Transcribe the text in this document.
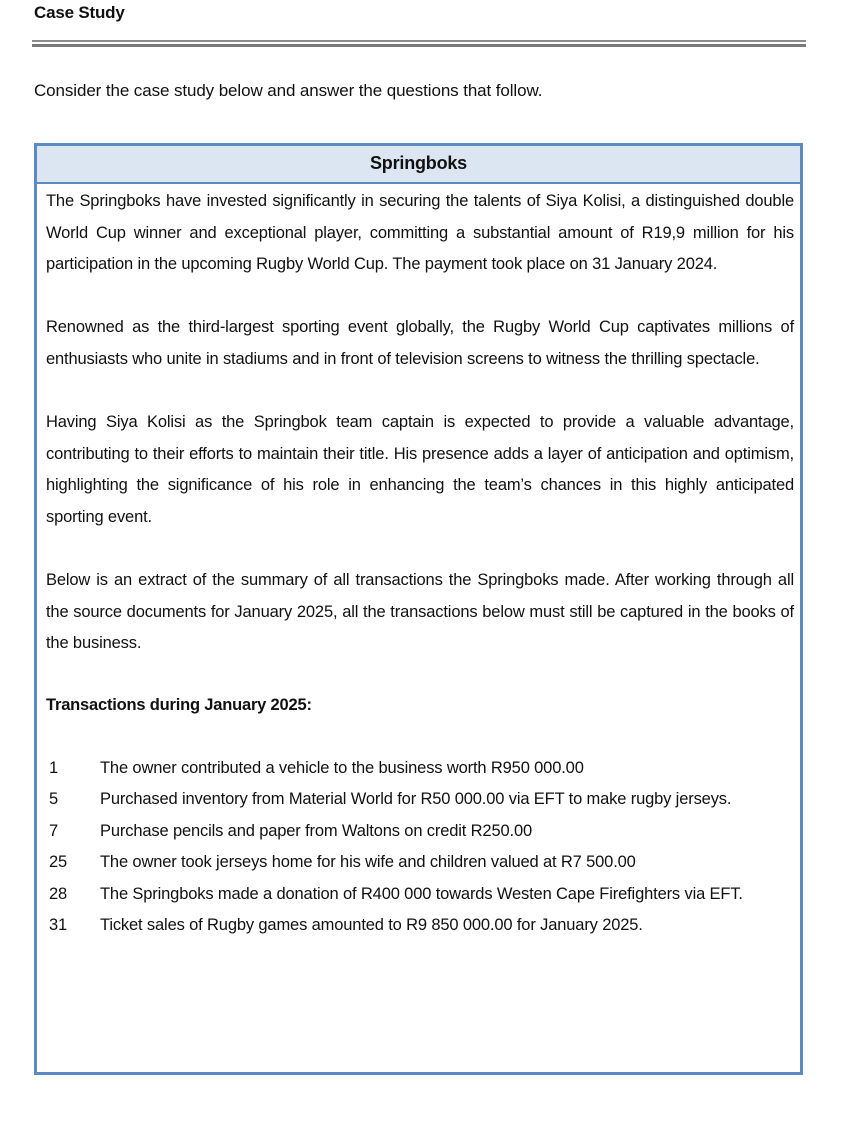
Case Study
Consider the case study below and answer the questions that follow.
Springboks

The Springboks have invested significantly in securing the talents of Siya Kolisi, a distinguished double World Cup winner and exceptional player, committing a substantial amount of R19,9 million for his participation in the upcoming Rugby World Cup. The payment took place on 31 January 2024.

Renowned as the third-largest sporting event globally, the Rugby World Cup captivates millions of enthusiasts who unite in stadiums and in front of television screens to witness the thrilling spectacle.

Having Siya Kolisi as the Springbok team captain is expected to provide a valuable advantage, contributing to their efforts to maintain their title. His presence adds a layer of anticipation and optimism, highlighting the significance of his role in enhancing the team’s chances in this highly anticipated sporting event.

Below is an extract of the summary of all transactions the Springboks made. After working through all the source documents for January 2025, all the transactions below must still be captured in the books of the business.

Transactions during January 2025:
1	The owner contributed a vehicle to the business worth R950 000.00
5	Purchased inventory from Material World for R50 000.00 via EFT to make rugby jerseys.
7	Purchase pencils and paper from Waltons on credit R250.00
25	The owner took jerseys home for his wife and children valued at R7 500.00
28	The Springboks made a donation of R400 000 towards Westen Cape Firefighters via EFT.
31	Ticket sales of Rugby games amounted to R9 850 000.00 for January 2025.
